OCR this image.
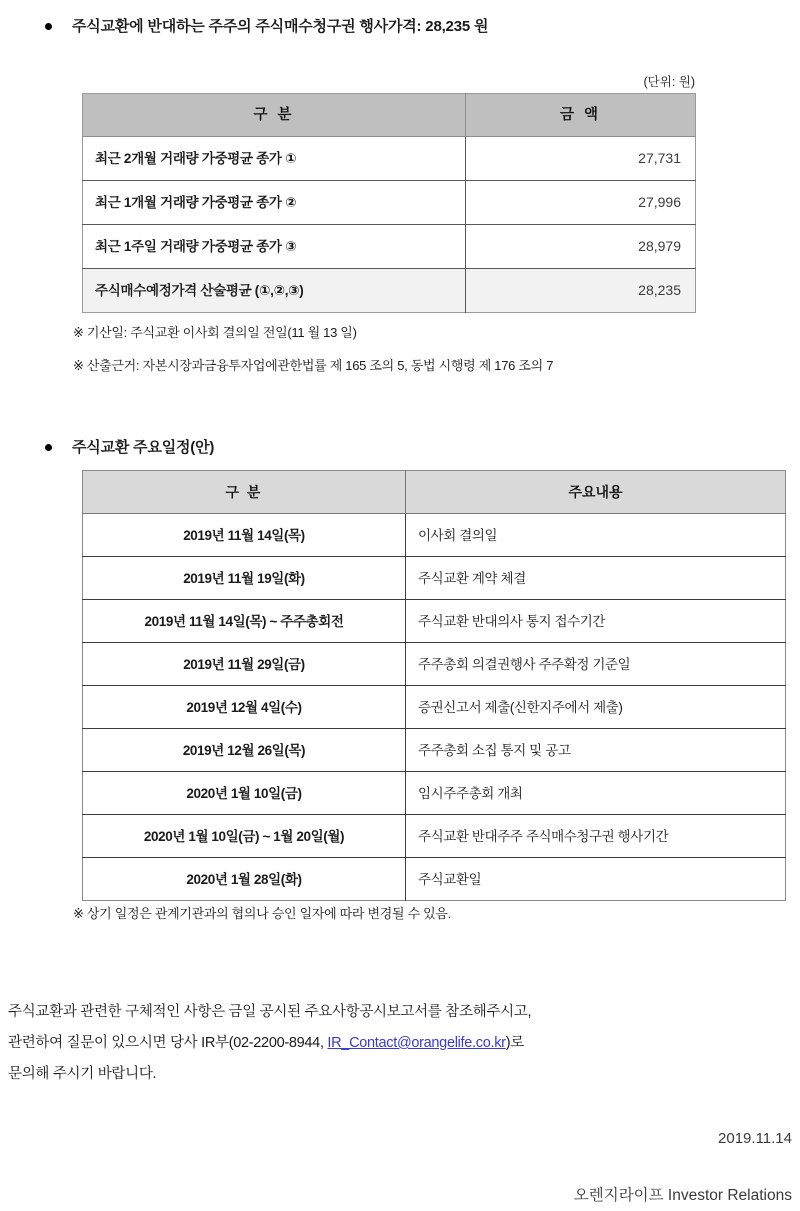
주식교환에 반대하는 주주의 주식매수청구권 행사가격: 28,235 원
(단위: 원)
구 분	금 액
최근 2개월 거래량 가중평균 종가 ①	27,731
최근 1개월 거래량 가중평균 종가 ②	27,996
최근 1주일 거래량 가중평균 종가 ③	28,979
주식매수예정가격 산술평균 (①,②,③)	28,235
※ 기산일: 주식교환 이사회 결의일 전일(11 월 13 일)
※ 산출근거: 자본시장과금융투자업에관한법률 제 165 조의 5, 동법 시행령 제 176 조의 7
주식교환 주요일정(안)
구 분	주요내용
2019년 11월 14일(목)	이사회 결의일
2019년 11월 19일(화)	주식교환 계약 체결
2019년 11월 14일(목) ~ 주주총회전	주식교환 반대의사 통지 접수기간
2019년 11월 29일(금)	주주총회 의결권행사 주주확정 기준일
2019년 12월 4일(수)	증권신고서 제출(신한지주에서 제출)
2019년 12월 26일(목)	주주총회 소집 통지 및 공고
2020년 1월 10일(금)	임시주주총회 개최
2020년 1월 10일(금) ~ 1월 20일(월)	주식교환 반대주주 주식매수청구권 행사기간
2020년 1월 28일(화)	주식교환일
※ 상기 일정은 관계기관과의 협의나 승인 일자에 따라 변경될 수 있음.
주식교환과 관련한 구체적인 사항은 금일 공시된 주요사항공시보고서를 참조해주시고,
관련하여 질문이 있으시면 당사 IR부(02-2200-8944, IR_Contact@orangelife.co.kr)로
문의해 주시기 바랍니다.
2019.11.14
오렌지라이프 Investor Relations
